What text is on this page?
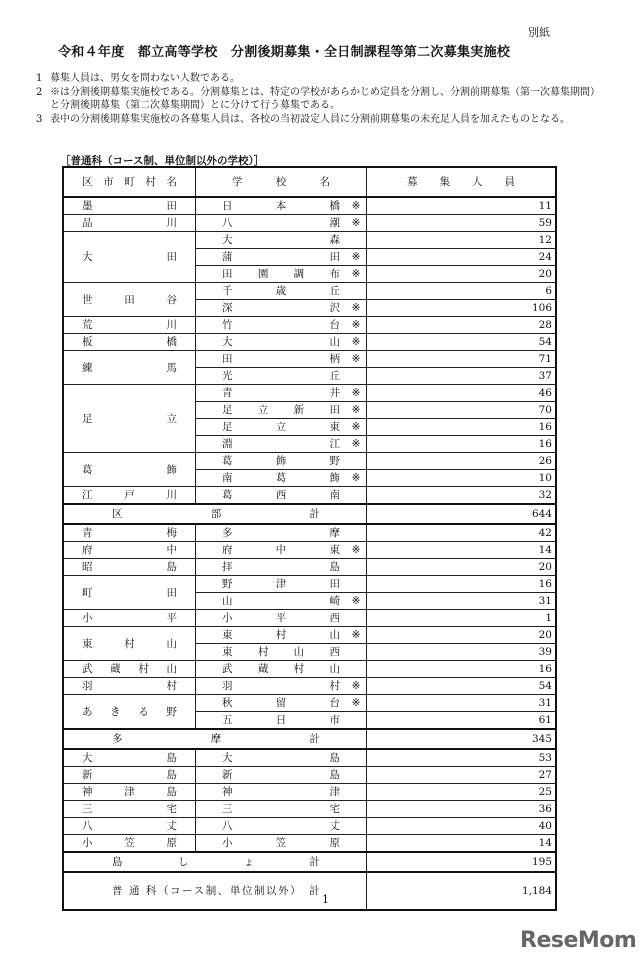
別紙
令和４年度　都立高等学校　分割後期募集・全日制課程等第二次募集実施校
1 募集人員は、男女を問わない人数である。
2 ※は分割後期募集実施校である。分割募集とは、特定の学校があらかじめ定員を分割し、分割前期募集（第一次募集期間）と分割後期募集（第二次募集期間）とに分けて行う募集である。
3 表中の分割後期募集実施校の各募集人員は、各校の当初設定人員に分割前期募集の未充足人員を加えたものとなる。
［普通科（コース制、単位制以外の学校）］
区市町村名	学校名		募集人員
墨田	日本橋	※	11
品川	八潮	※	59
大田	大森		12
	蒲田	※	24
	田園調布	※	20
世田谷	千歳丘		6
	深沢	※	106
荒川	竹台	※	28
板橋	大山	※	54
練馬	田柄	※	71
	光丘		37
足立	青井	※	46
	足立新田	※	70
	足立東	※	16
	淵江	※	16
葛飾	葛飾野		26
	南葛飾	※	10
江戸川	葛西南		32
区部計			644
青梅	多摩		42
府中	府中東	※	14
昭島	拝島		20
町田	野津田		16
	山崎	※	31
小平	小平西		1
東村山	東村山	※	20
	東村山西		39
武蔵村山	武蔵村山		16
羽村	羽村	※	54
あきる野	秋留台	※	31
	五日市		61
多摩計			345
大島	大島		53
新島	新島		27
神津島	神津		25
三宅	三宅		36
八丈	八丈		40
小笠原	小笠原		14
島しょ計			195
普 通 科（コース制、単位制以外）　計			1,184
1
ReseMom
